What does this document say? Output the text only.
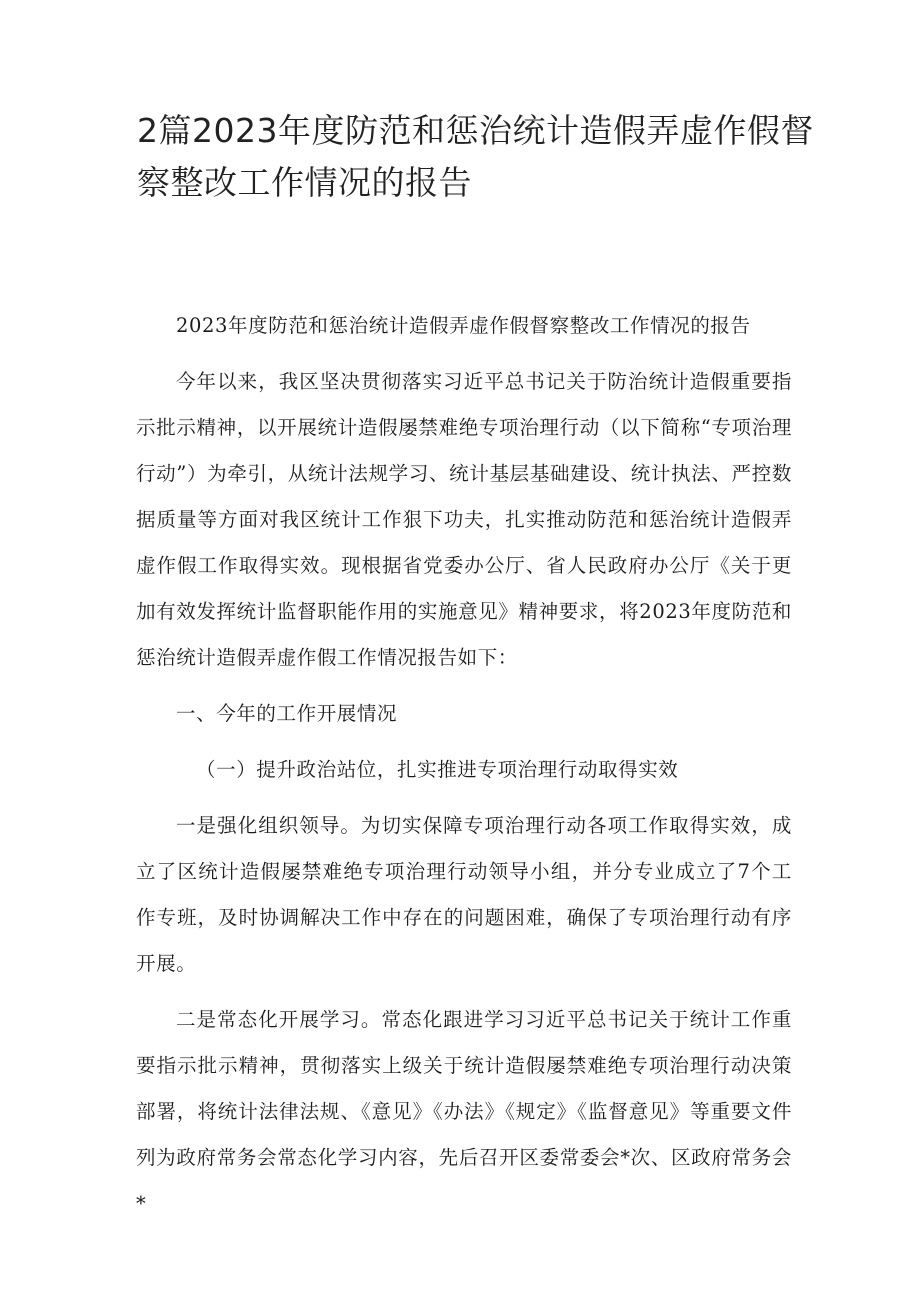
2篇2023年度防范和惩治统计造假弄虚作假督察整改工作情况的报告

2023年度防范和惩治统计造假弄虚作假督察整改工作情况的报告

今年以来，我区坚决贯彻落实习近平总书记关于防治统计造假重要指示批示精神，以开展统计造假屡禁难绝专项治理行动（以下简称“专项治理行动”）为牵引，从统计法规学习、统计基层基础建设、统计执法、严控数据质量等方面对我区统计工作狠下功夫，扎实推动防范和惩治统计造假弄虚作假工作取得实效。现根据省党委办公厅、省人民政府办公厅《关于更加有效发挥统计监督职能作用的实施意见》精神要求，将2023年度防范和惩治统计造假弄虚作假工作情况报告如下：

一、今年的工作开展情况

（一）提升政治站位，扎实推进专项治理行动取得实效

一是强化组织领导。为切实保障专项治理行动各项工作取得实效，成立了区统计造假屡禁难绝专项治理行动领导小组，并分专业成立了7个工作专班，及时协调解决工作中存在的问题困难，确保了专项治理行动有序开展。

二是常态化开展学习。常态化跟进学习习近平总书记关于统计工作重要指示批示精神，贯彻落实上级关于统计造假屡禁难绝专项治理行动决策部署，将统计法律法规、《意见》《办法》《规定》《监督意见》等重要文件列为政府常务会常态化学习内容，先后召开区委常委会*次、区政府常务会*
